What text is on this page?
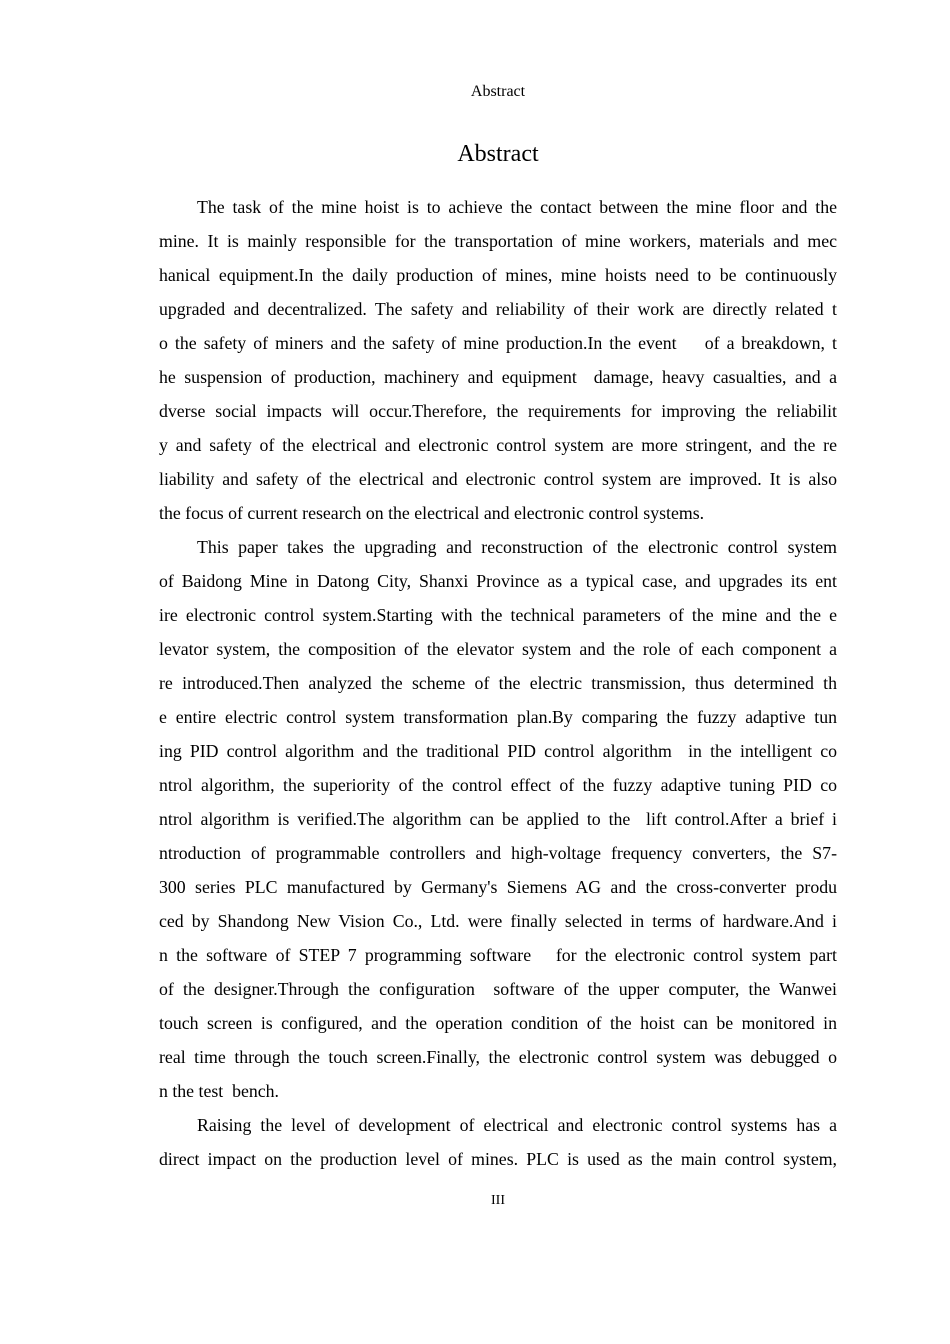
Abstract
Abstract
The task of the mine hoist is to achieve the contact between the mine floor and the
mine. It is mainly responsible for the transportation of mine workers, materials and mec
hanical equipment.In the daily production of mines, mine hoists need to be continuously
upgraded and decentralized. The safety and reliability of their work are directly related t
o the safety of miners and the safety of mine production.In the event    of a breakdown, t
he suspension of production, machinery and equipment  damage, heavy casualties, and a
dverse social impacts will occur.Therefore, the requirements for improving the reliabilit
y and safety of the electrical and electronic control system are more stringent, and the re
liability and safety of the electrical and electronic control system are improved. It is also
the focus of current research on the electrical and electronic control systems.
This paper takes the upgrading and reconstruction of the electronic control system
of Baidong Mine in Datong City, Shanxi Province as a typical case, and upgrades its ent
ire electronic control system.Starting with the technical parameters of the mine and the e
levator system, the composition of the elevator system and the role of each component a
re introduced.Then analyzed the scheme of the electric transmission, thus determined th
e entire electric control system transformation plan.By comparing the fuzzy adaptive tun
ing PID control algorithm and the traditional PID control algorithm  in the intelligent co
ntrol algorithm, the superiority of the control effect of the fuzzy adaptive tuning PID co
ntrol algorithm is verified.The algorithm can be applied to the  lift control.After a brief i
ntroduction of programmable controllers and high-voltage frequency converters, the S7-
300 series PLC manufactured by Germany's Siemens AG and the cross-converter produ
ced by Shandong New Vision Co., Ltd. were finally selected in terms of hardware.And i
n the software of STEP 7 programming software   for the electronic control system part
of the designer.Through the configuration  software of the upper computer, the Wanwei
touch screen is configured, and the operation condition of the hoist can be monitored in
real time through the touch screen.Finally, the electronic control system was debugged o
n the test  bench.
Raising the level of development of electrical and electronic control systems has a
direct impact on the production level of mines. PLC is used as the main control system,
III
